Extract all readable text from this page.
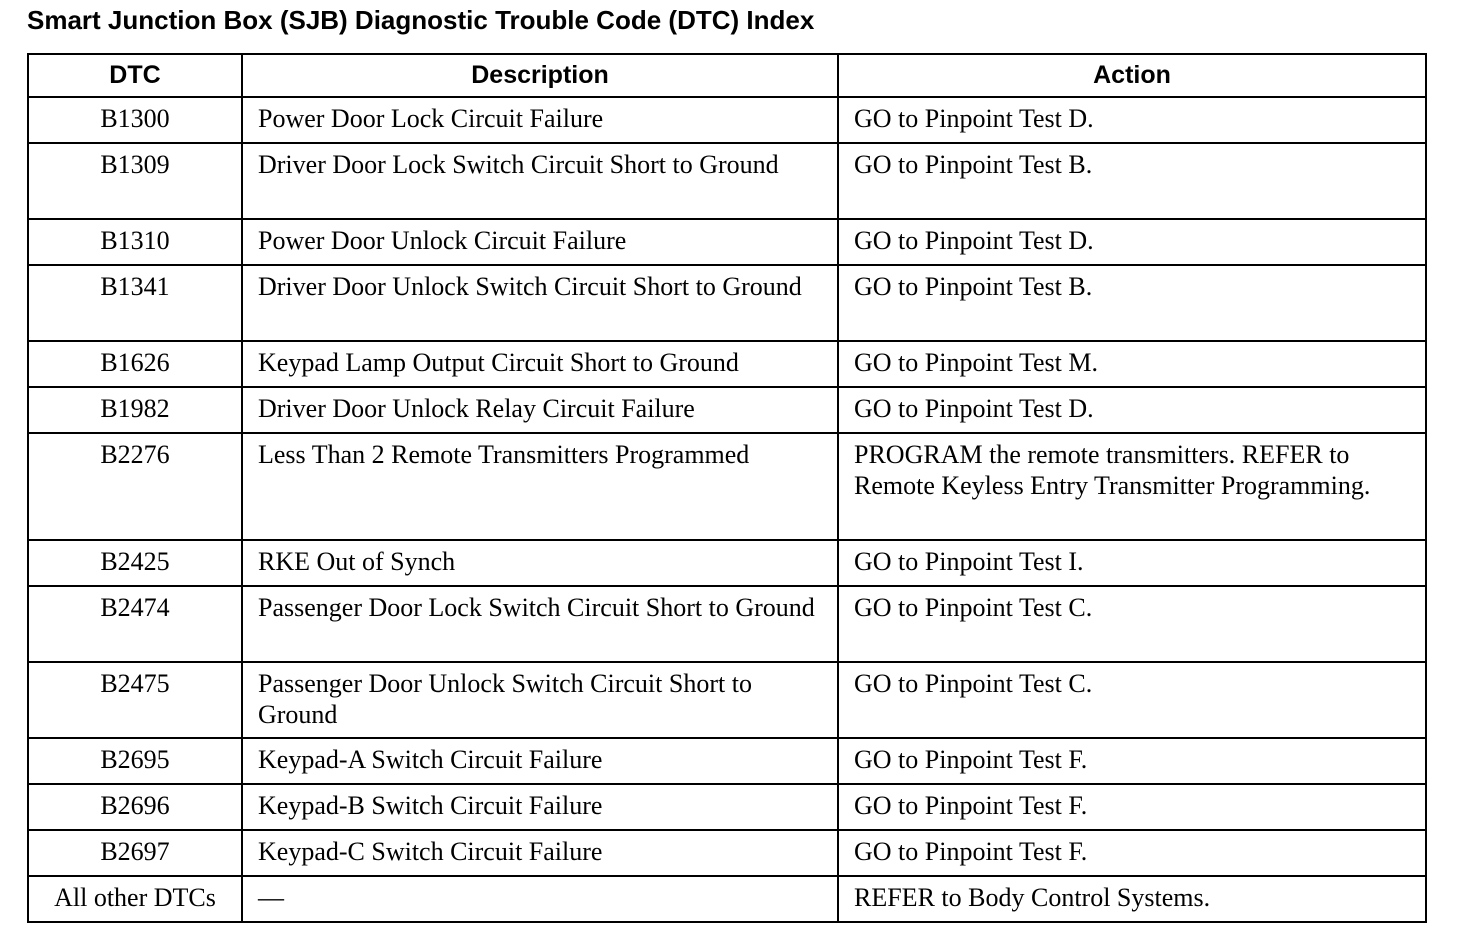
Smart Junction Box (SJB) Diagnostic Trouble Code (DTC) Index
DTC	Description	Action
B1300	Power Door Lock Circuit Failure	GO to Pinpoint Test D.
B1309	Driver Door Lock Switch Circuit Short to Ground	GO to Pinpoint Test B.
B1310	Power Door Unlock Circuit Failure	GO to Pinpoint Test D.
B1341	Driver Door Unlock Switch Circuit Short to Ground	GO to Pinpoint Test B.
B1626	Keypad Lamp Output Circuit Short to Ground	GO to Pinpoint Test M.
B1982	Driver Door Unlock Relay Circuit Failure	GO to Pinpoint Test D.
B2276	Less Than 2 Remote Transmitters Programmed	PROGRAM the remote transmitters. REFER to Remote Keyless Entry Transmitter Programming.
B2425	RKE Out of Synch	GO to Pinpoint Test I.
B2474	Passenger Door Lock Switch Circuit Short to Ground	GO to Pinpoint Test C.
B2475	Passenger Door Unlock Switch Circuit Short to Ground	GO to Pinpoint Test C.
B2695	Keypad-A Switch Circuit Failure	GO to Pinpoint Test F.
B2696	Keypad-B Switch Circuit Failure	GO to Pinpoint Test F.
B2697	Keypad-C Switch Circuit Failure	GO to Pinpoint Test F.
All other DTCs	—	REFER to Body Control Systems.
